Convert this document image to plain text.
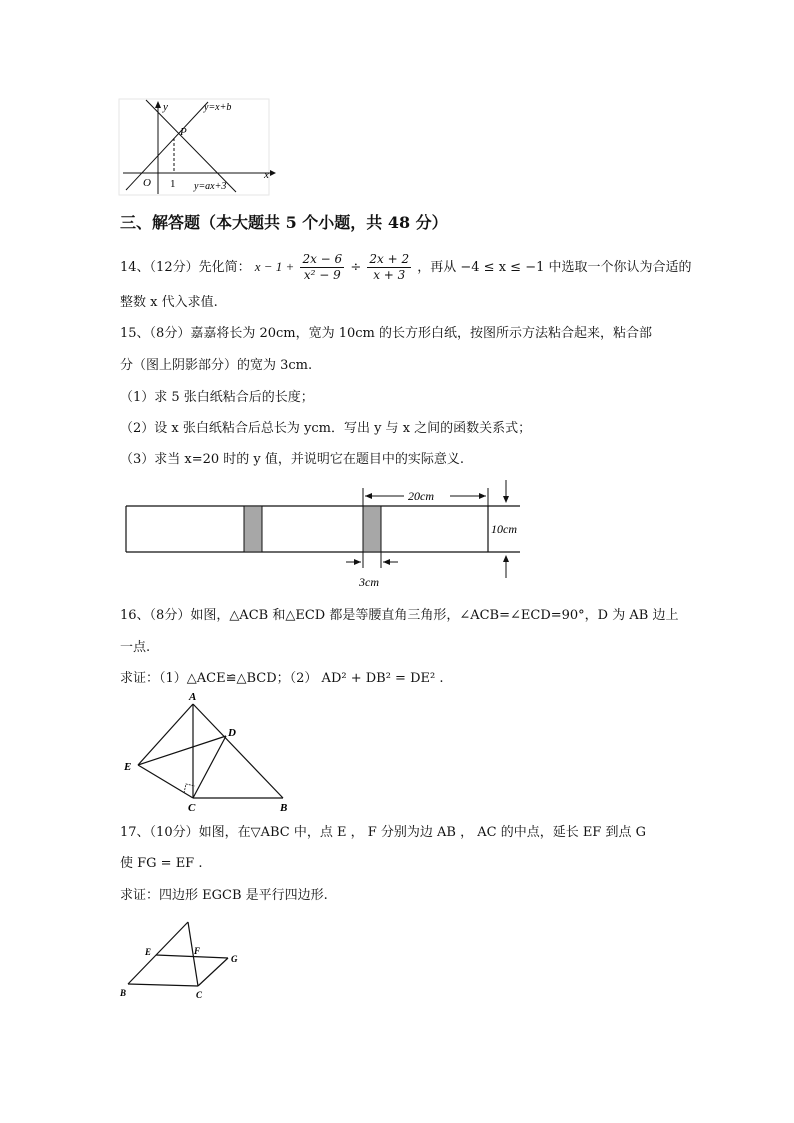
y
x
O
P
1
y=x+b
y=ax+3
三、解答题（本大题共 5 个小题，共 48 分）
14、（12分）先化简： $x - 1 + \frac{2x - 6}{\text{x² − 9}} \div \frac{2x + 2}{x + 3}$ ，再从 −4 ≤ x ≤ −1 中选取一个你认为合适的
整数 x 代入求值.
15、（8分）嘉嘉将长为 20cm，宽为 10cm 的长方形白纸，按图所示方法粘合起来，粘合部
分（图上阴影部分）的宽为 3cm.
（1）求 5 张白纸粘合后的长度；
（2）设 x 张白纸粘合后总长为 ycm．写出 y 与 x 之间的函数关系式；
（3）求当 x=20 时的 y 值，并说明它在题目中的实际意义.
20cm
10cm
3cm
16、（8分）如图，△ACB 和△ECD 都是等腰直角三角形，∠ACB=∠ECD=90°，D 为 AB 边上
一点.
求证：（1）△ACE≌△BCD；（2） AD² + DB² = DE² .
A
D
E
C	B
17、（10分）如图，在▽ABC 中，点 E ， F 分别为边 AB ， AC 的中点，延长 EF 到点 G
使 FG = EF .
求证：四边形 EGCB 是平行四边形.
E	F
G
B	C
